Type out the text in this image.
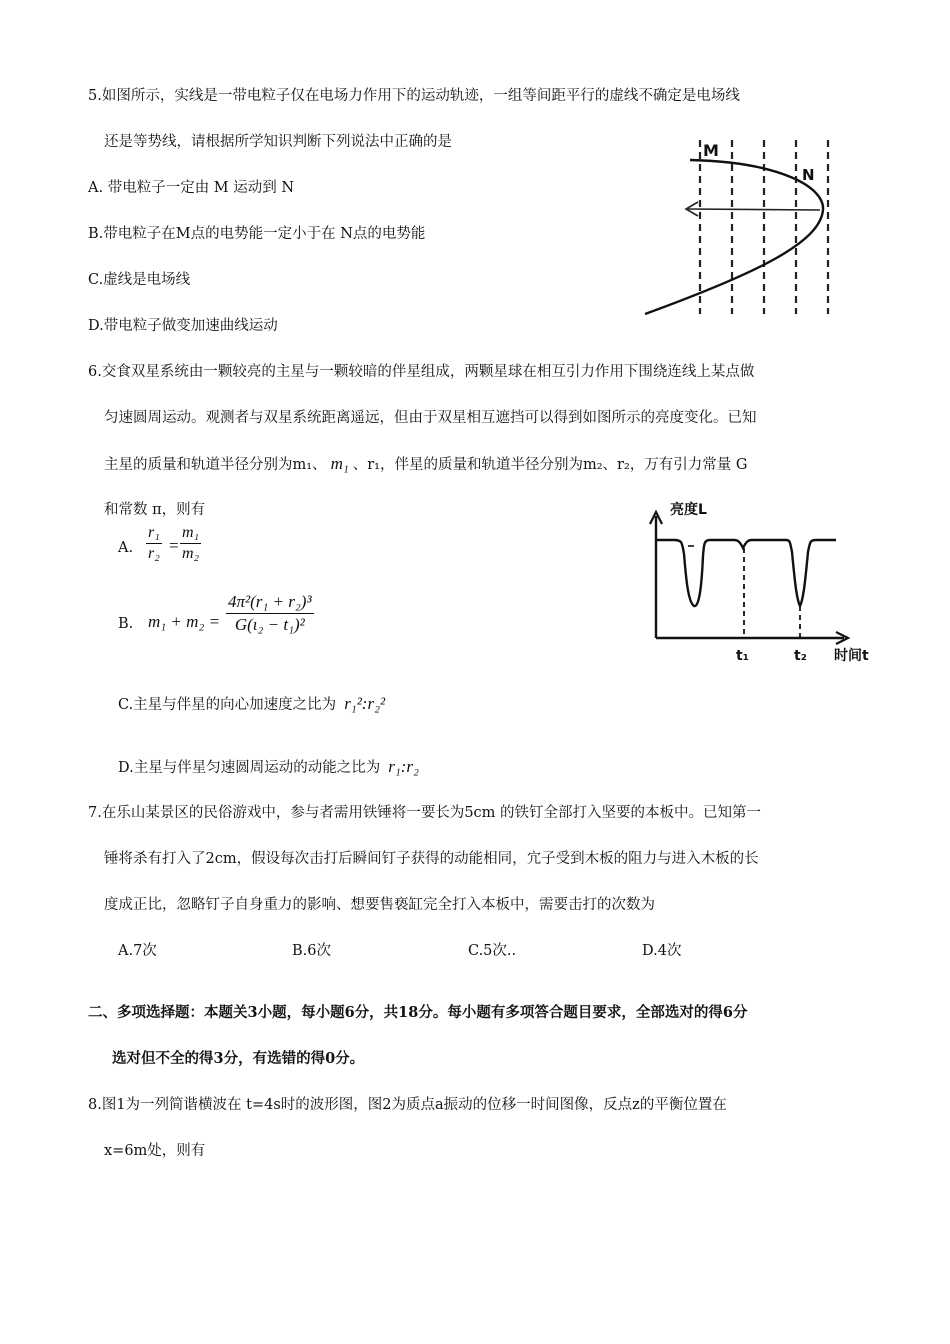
5.如图所示，实线是一带电粒子仅在电场力作用下的运动轨迹，一组等间距平行的虚线不确定是电场线
还是等势线，请根据所学知识判断下列说法中正确的是
A. 带电粒子一定由 M 运动到 N
B.带电粒子在M点的电势能一定小于在 N点的电势能
C.虚线是电场线
D.带电粒子做变加速曲线运动
M
N
6.交食双星系统由一颗较亮的主星与一颗较暗的伴星组成，两颗星球在相互引力作用下围绕连线上某点做
匀速圆周运动。观测者与双星系统距离遥远，但由于双星相互遮挡可以得到如图所示的亮度变化。已知
主星的质量和轨道半径分别为m₁、 m₁ 、r₁，伴星的质量和轨道半径分别为m₂、r₂，万有引力常量 G
和常数 π，则有
A. $\frac{\text{r₁}}{\text{r₂}} = \frac{\text{m₁}}{\text{m₂}}$
B. $m_1 + m_2 = \frac{\text{4π²(r₁ + r₂)³}}{\text{G(ι₂ − t₁)²}}$
C.主星与伴星的向心加速度之比为 r₁²:r₂²
D.主星与伴星匀速圆周运动的动能之比为 r₁:r₂
亮度L
t₁	t₂ 时间t
7.在乐山某景区的民俗游戏中，参与者需用铁锤将一要长为5cm 的铁钉全部打入坚要的本板中。已知第一
锤将杀有打入了2cm，假设每次击打后瞬间钉子获得的动能相同，宂子受到木板的阻力与进入木板的长
度成正比，忽略钉子自身重力的影响、想要售亵缸完全打入本板中，需要击打的次数为
A.7次	B.6次	C.5次..	D.4次
二、多项选择题：本题关3小题，每小题6分，共18分。每小题有多项答合题目要求，全部选对的得6分
选对但不全的得3分，有选错的得0分。
8.图1为一列简谐横波在 t=4s时的波形图，图2为质点a振动的位移一时间图像，反点z的平衡位置在
x=6m处，则有
